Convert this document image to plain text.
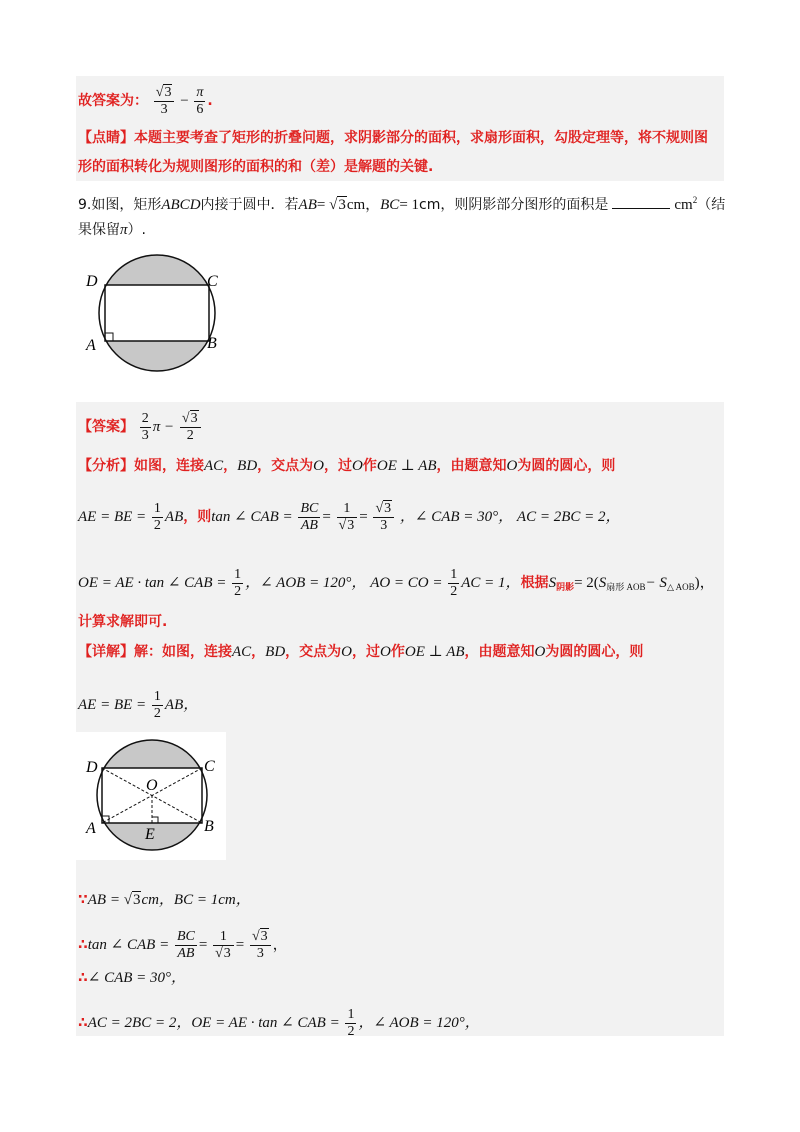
故答案为： $\frac{√3}{3} - \frac{\pi}{6}$ .
【点睛】本题主要考查了矩形的折叠问题，求阴影部分的面积，求扇形面积，勾股定理等，将不规则图
形的面积转化为规则图形的面积的和（差）是解题的关键.
9.如图，矩形ABCD内接于圆中．若AB= √3cm，BC= 1cm，则阴影部分图形的面积是	$cm^2$（结
果保留π）.
D	C
A	B
【答案】 $\frac{2}{3}$ $\pi - \frac{√3}{2}$
【分析】如图，连接AC，BD，交点为O，过O作OE ⊥ AB，由题意知O为圆的圆心，则
AE = BE = $\frac{1}{2}$ AB，则tan ∠ CAB = $\frac{BC}{AB} = \frac{1}{√3} = \frac{√3}{3}$ ，∠ CAB = 30°， AC = 2BC = 2，
OE = AE · tan ∠ CAB = $\frac{1}{2}$ ，∠ AOB = 120°， AO = CO = $\frac{1}{2}$ AC = 1，根据$S_{阴影}= 2(S_{扇形 AOB}- S_{\triangle AOB})$，
计算求解即可.
【详解】解：如图，连接AC，BD，交点为O，过O作OE ⊥ AB，由题意知O为圆的圆心，则
AE = BE = $\frac{1}{2}$ AB，
D	C
O
A	E	B
∵AB = √3cm，BC = 1cm，
∴tan ∠ CAB = $\frac{BC}{AB} = \frac{1}{√3} = \frac{√3}{3}$ ，
∴∠ CAB = 30°，
∴AC = 2BC = 2，OE = AE · tan ∠ CAB = $\frac{1}{2}$ ，∠ AOB = 120°，
